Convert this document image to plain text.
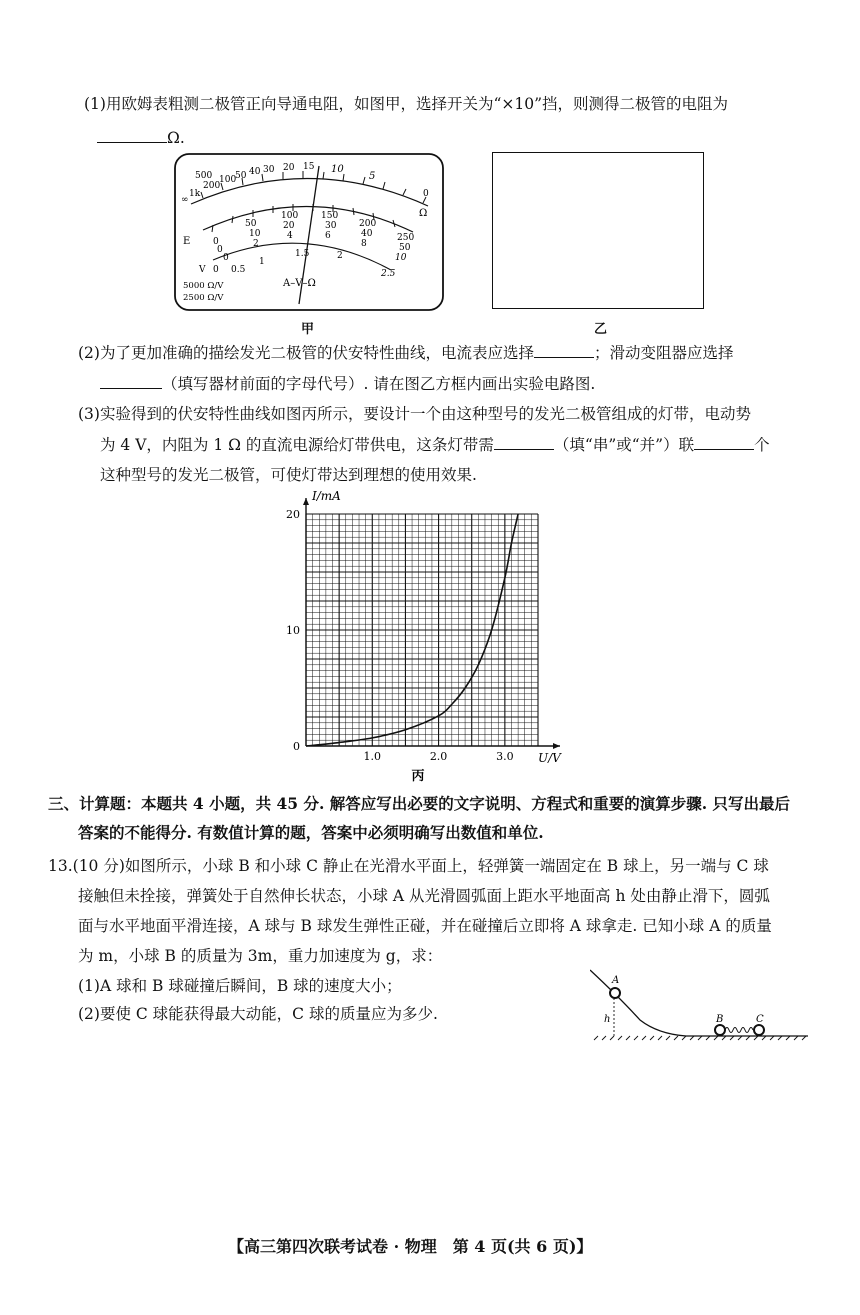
(1)用欧姆表粗测二极管正向导通电阻，如图甲，选择开关为“×10”挡，则测得二极管的电阻为
Ω.
∞
1k
500
200
100
50 40 30 20 15 10
5
0
Ω
0
50
100	150
200
250
0
10
20	30
40
50
0
2
4	6
8
10
0 0.5
1
1.5	2
2.5
E
V
5000 Ω/V
2500 Ω/V
A–V–Ω
甲	乙
(2)为了更加准确的描绘发光二极管的伏安特性曲线，电流表应选择	；滑动变阻器应选择
（填写器材前面的字母代号）. 请在图乙方框内画出实验电路图.
(3)实验得到的伏安特性曲线如图丙所示，要设计一个由这种型号的发光二极管组成的灯带，电动势
为 4 V，内阻为 1 Ω 的直流电源给灯带供电，这条灯带需	（填“串”或“并”）联	个
这种型号的发光二极管，可使灯带达到理想的使用效果.
1.0	2.0	3.0
0
10
20
I/mA
U/V
丙
三、计算题：本题共 4 小题，共 45 分. 解答应写出必要的文字说明、方程式和重要的演算步骤. 只写出最后
答案的不能得分. 有数值计算的题，答案中必须明确写出数值和单位.
13.(10 分)如图所示，小球 B 和小球 C 静止在光滑水平面上，轻弹簧一端固定在 B 球上，另一端与 C 球
接触但未拴接，弹簧处于自然伸长状态，小球 A 从光滑圆弧面上距水平地面高 h 处由静止滑下，圆弧
面与水平地面平滑连接，A 球与 B 球发生弹性正碰，并在碰撞后立即将 A 球拿走. 已知小球 A 的质量
为 m，小球 B 的质量为 3m，重力加速度为 g，求：
(1)A 球和 B 球碰撞后瞬间，B 球的速度大小；
(2)要使 C 球能获得最大动能，C 球的质量应为多少.
A
B	C
h
【高三第四次联考试卷 · 物理　第 4 页(共 6 页)】
